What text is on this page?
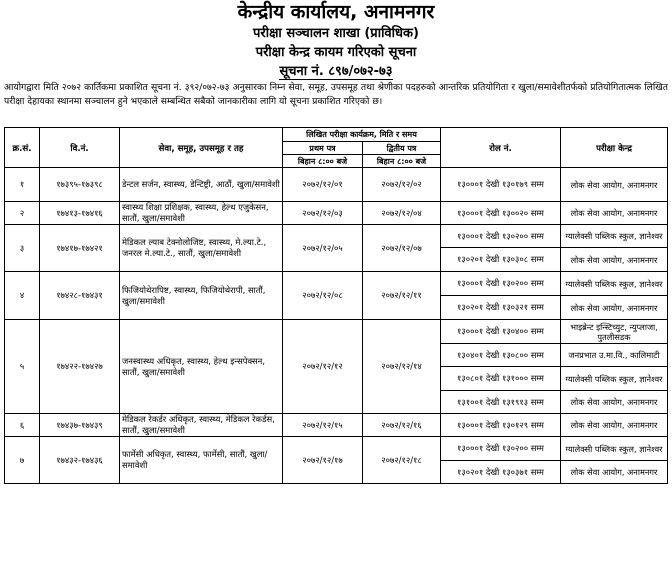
केन्द्रीय कार्यालय, अनामनगर
परीक्षा सञ्चालन शाखा (प्राविधिक)
परीक्षा केन्द्र कायम गरिएको सूचना
सूचना नं. ८९७/०७२-७३
आयोगद्वारा मिति २०७२ कार्तिकमा प्रकाशित सूचना नं. ३९२/०७२-७३ अनुसारका निम्न सेवा, समूह, उपसमूह तथा श्रेणीका पदहरुको आन्तरिक प्रतियोगिता र खुला/समावेशीतर्फको प्रतियोगितात्मक लिखित परीक्षा देहायका स्थानमा सञ्चालन हुने भएकाले सम्बन्धित सबैको जानकारीका लागि यो सूचना प्रकाशित गरिएको छ।
क्र.सं.	वि.नं.	सेवा, समूह, उपसमूह र तह	लिखित परीक्षा कार्यक्रम, मिति र समय		रोल नं.	परीक्षा केन्द्र
			प्रथम पत्र	द्वितीय पत्र		
			बिहान ८:०० बजे	बिहान ८:०० बजे		
१	१७३९५-१७३९८	डेन्टल सर्जन, स्वास्थ्य, डेन्टिष्ट्री, आठौं, खुला/समावेशी	२०७२/१२/०१	२०७२/१२/०२	१३०००१ देखी १३०१७९ सम्म	लोक सेवा आयोग, अनामनगर
२	१७४१३-१७४१६	स्वास्थ्य शिक्षा प्रशिक्षक, स्वास्थ्य, हेल्थ एजुकेसन, सातौं, खुला/समावेशी	२०७२/१२/०३	२०७२/१२/०४	१३०००१ देखी १३००२० सम्म	लोक सेवा आयोग, अनामनगर
३	१७४१७-१७४२१	मेडिकल ल्याब टेक्नोलोजिष्ट, स्वास्थ्य, मे.ल्या.टे., जनरल मे.ल्या.टे., सातौं, खुला/समावेशी	२०७२/१२/०५	२०७२/१२/०७	१३०००१ देखी १३०२०० सम्म	ग्यालेक्सी पब्लिक स्कुल, ज्ञानेश्वर
					१३०२०१ देखी १३०३०८ सम्म	लोक सेवा आयोग, अनामनगर
४	१७४२८-१७४३१	फिजियोथेरापिष्ट, स्वास्थ्य, फिजियोथेरापी, सातौं, खुला/समावेशी	२०७२/१२/०८	२०७२/१२/११	१३०००१ देखी १३०२०० सम्म	ग्यालेक्सी पब्लिक स्कुल, ज्ञानेश्वर
					१३०२०१ देखी १३०३२१ सम्म	लोक सेवा आयोग, अनामनगर
५	१७४२२-१७४२७	जनस्वास्थ्य अधिकृत, स्वास्थ्य, हेल्थ इन्सपेक्सन, सातौं, खुला/समावेशी	२०७२/१२/१२	२०७२/१२/१४	१३०००१ देखी १३०४०० सम्म	भाइब्रेन्ट इन्स्टिच्युट, न्युप्लाजा, पुतलीसडक
					१३०४०१ देखी १३०८०० सम्म	जनप्रभात उ.मा.वि., कालिमाटी
					१३०८०१ देखी १३१००० सम्म	ग्यालेक्सी पब्लिक स्कुल, ज्ञानेश्वर
					१३१००१ देखी १३१९१३ सम्म	लोक सेवा आयोग, अनामनगर
६	१७४३७-१७४३९	मेडिकल रेकर्डर अधिकृत, स्वास्थ्य, मेडिकल रेकर्डस, सातौं, खुला/समावेशी	२०७२/१२/१५	२०७२/१२/१६	१३०००१ देखी १३०१२९ सम्म	लोक सेवा आयोग, अनामनगर
७	१७४३२-१७४३६	फार्मेसी अधिकृत, स्वास्थ्य, फार्मेसी, सातौं, खुला/समावेशी	२०७२/१२/१७	२०७२/१२/१८	१३०००१ देखी १३०२०० सम्म	ग्यालेक्सी पब्लिक स्कुल, ज्ञानेश्वर
					१३०२०१ देखी १३०३७१ सम्म	लोक सेवा आयोग, अनामनगर
